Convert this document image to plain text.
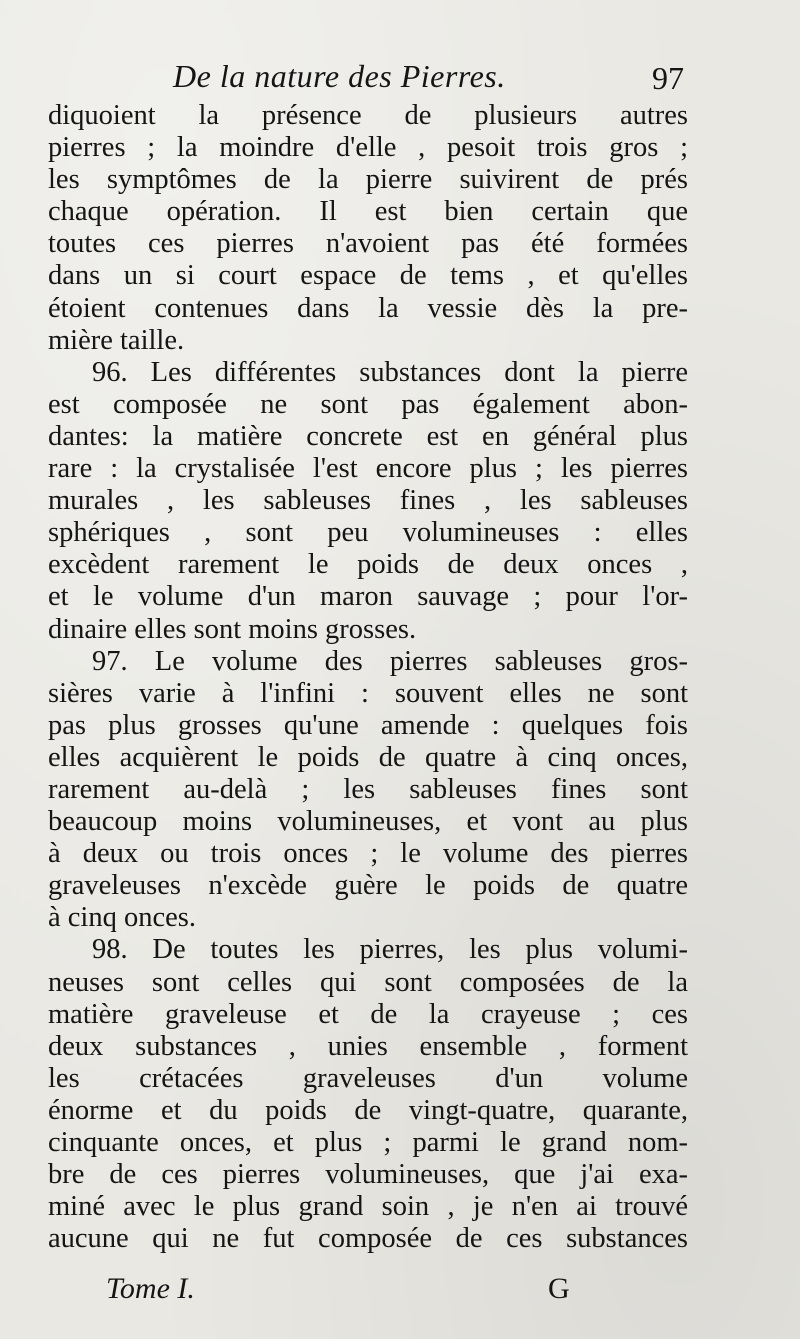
De la nature des Pierres.	97
diquoient la présence de plusieurs autres
pierres ; la moindre d'elle , pesoit trois gros ;
les symptômes de la pierre suivirent de prés
chaque opération. Il est bien certain que
toutes ces pierres n'avoient pas été formées
dans un si court espace de tems , et qu'elles
étoient contenues dans la vessie dès la pre-
mière taille.
96. Les différentes substances dont la pierre
est composée ne sont pas également abon-
dantes: la matière concrete est en général plus
rare : la crystalisée l'est encore plus ; les pierres
murales , les sableuses fines , les sableuses
sphériques , sont peu volumineuses : elles
excèdent rarement le poids de deux onces ,
et le volume d'un maron sauvage ; pour l'or-
dinaire elles sont moins grosses.
97. Le volume des pierres sableuses gros-
sières varie à l'infini : souvent elles ne sont
pas plus grosses qu'une amende : quelques fois
elles acquièrent le poids de quatre à cinq onces,
rarement au-delà ; les sableuses fines sont
beaucoup moins volumineuses, et vont au plus
à deux ou trois onces ; le volume des pierres
graveleuses n'excède guère le poids de quatre
à cinq onces.
98. De toutes les pierres, les plus volumi-
neuses sont celles qui sont composées de la
matière graveleuse et de la crayeuse ; ces
deux substances , unies ensemble , forment
les crétacées graveleuses d'un volume
énorme et du poids de vingt-quatre, quarante,
cinquante onces, et plus ; parmi le grand nom-
bre de ces pierres volumineuses, que j'ai exa-
miné avec le plus grand soin , je n'en ai trouvé
aucune qui ne fut composée de ces substances
Tome I.	G
